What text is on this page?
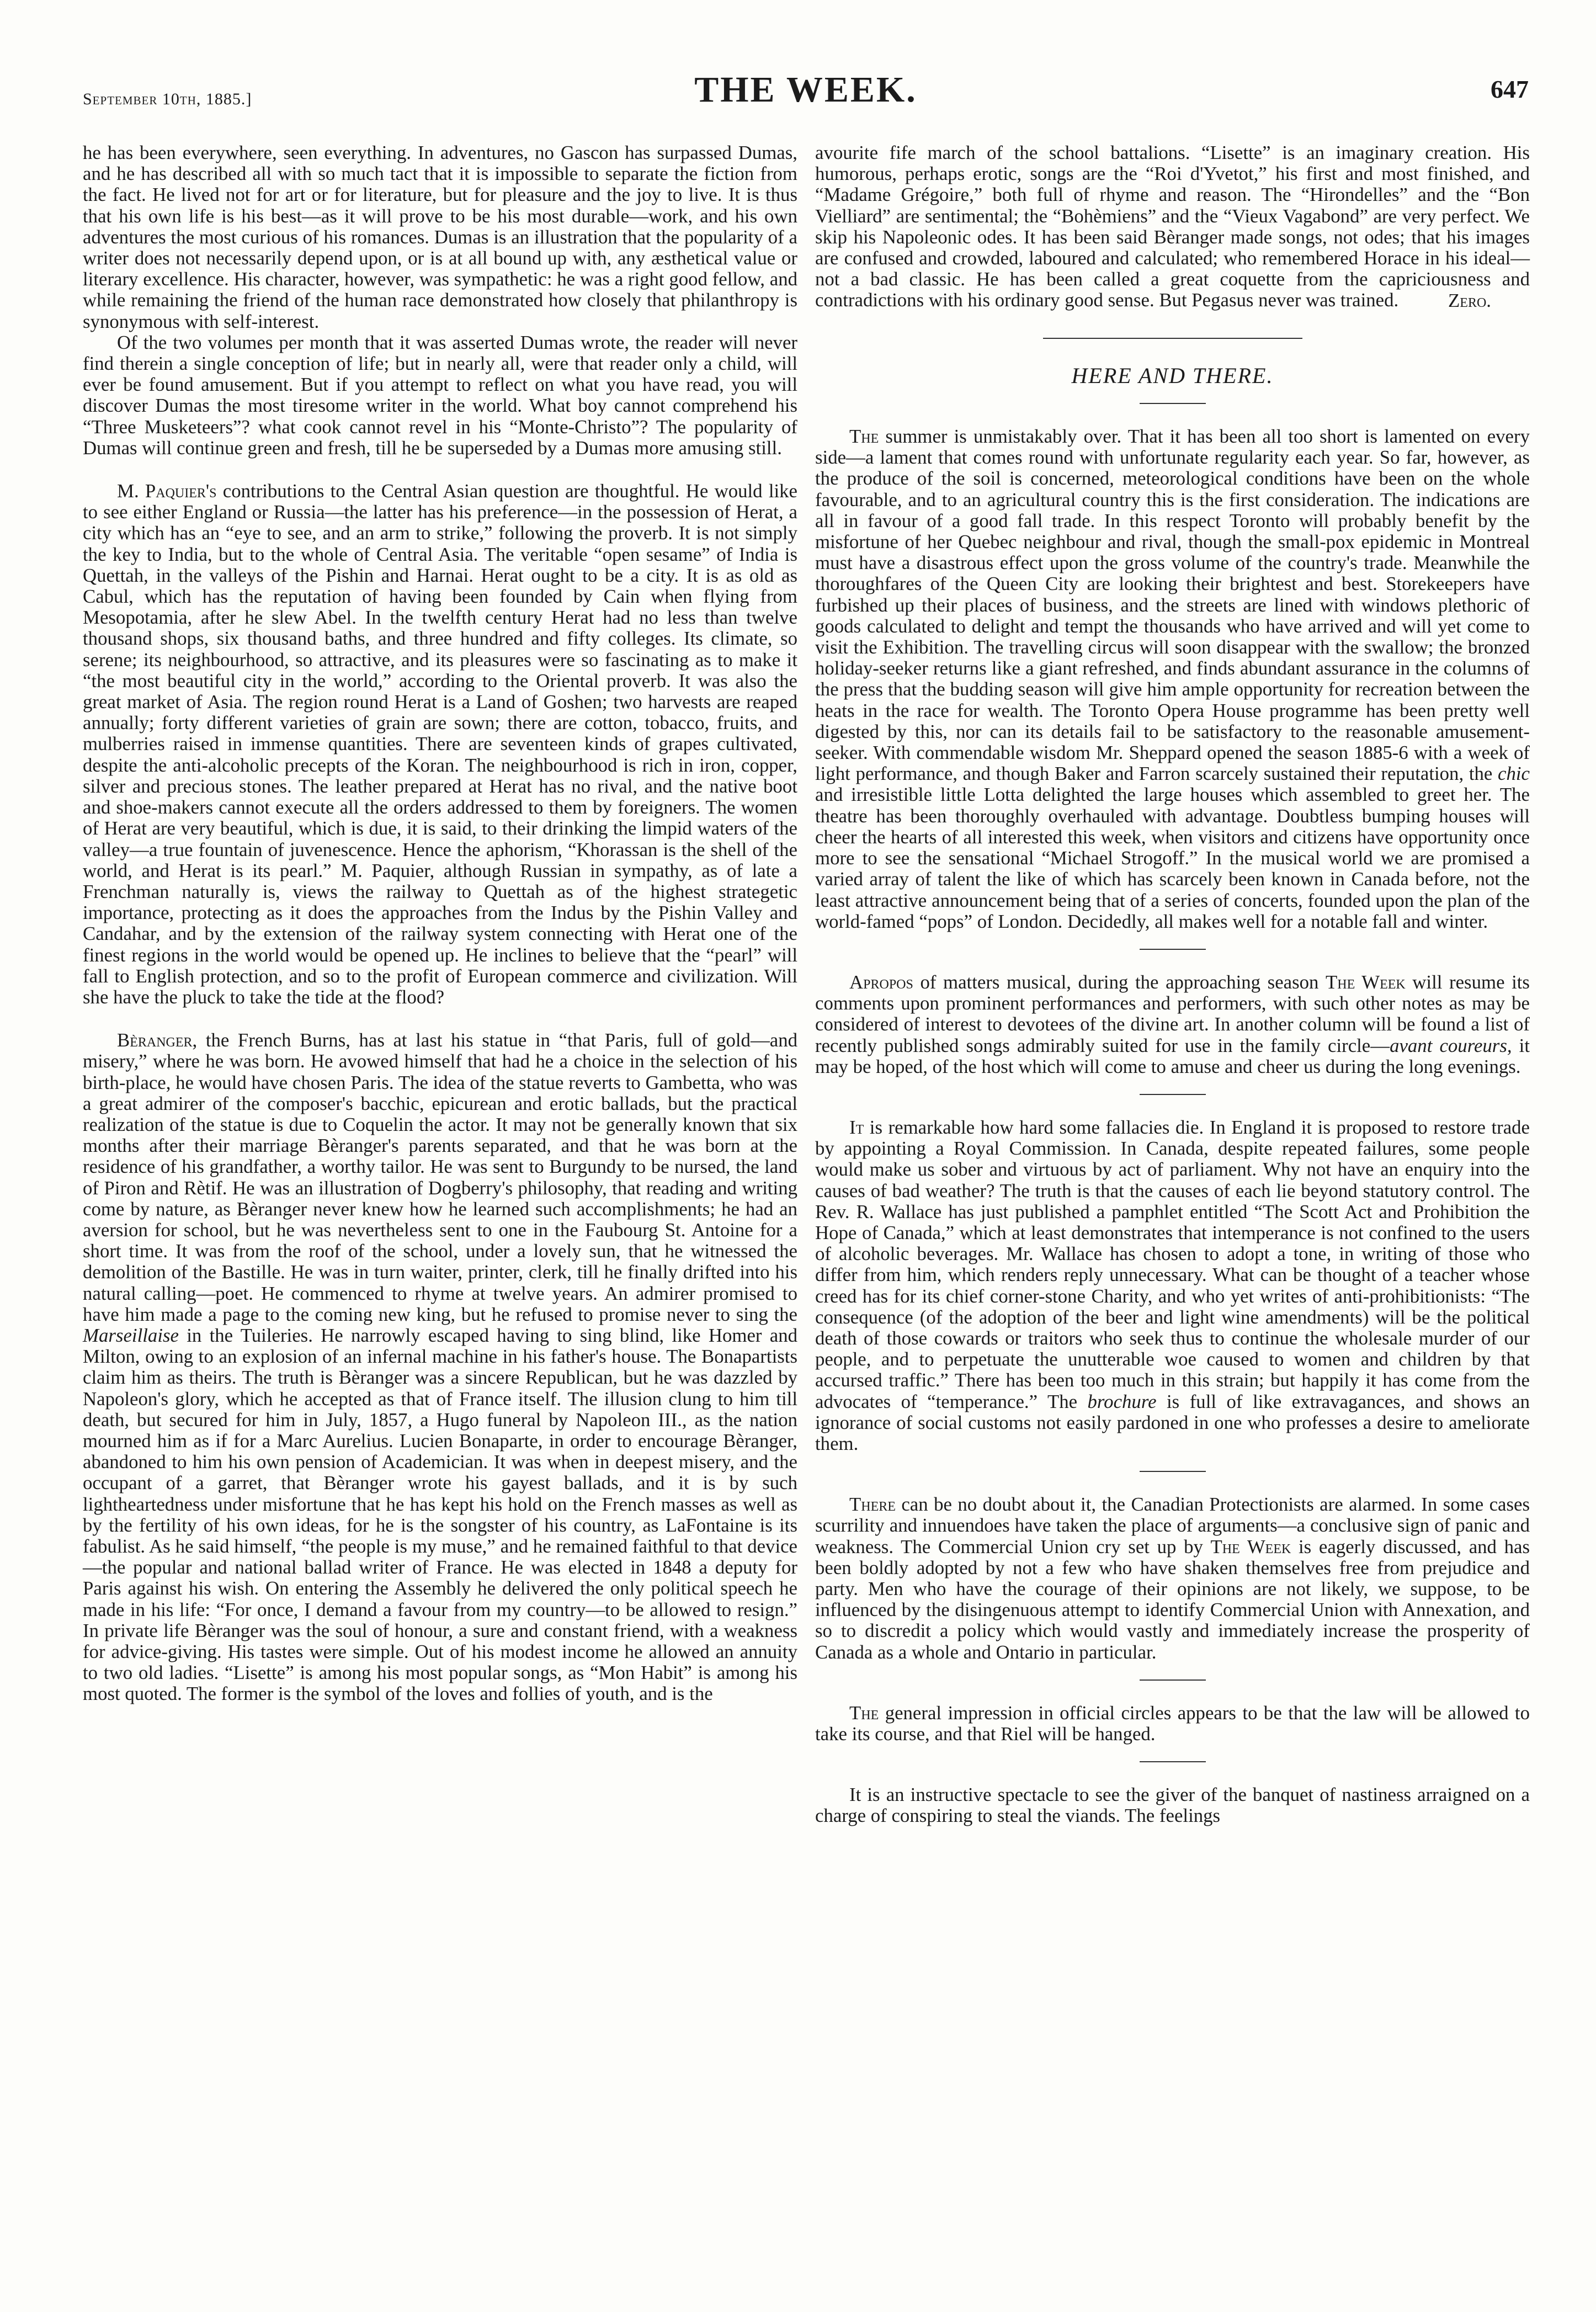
September 10th, 1885.]	THE WEEK.	647

he has been everywhere, seen everything. In adventures, no Gascon has surpassed Dumas, and he has described all with so much tact that it is impossible to separate the fiction from the fact. He lived not for art or for literature, but for pleasure and the joy to live. It is thus that his own life is his best—as it will prove to be his most durable—work, and his own adventures the most curious of his romances. Dumas is an illustration that the popularity of a writer does not necessarily depend upon, or is at all bound up with, any æsthetical value or literary excellence. His character, however, was sympathetic: he was a right good fellow, and while remaining the friend of the human race demonstrated how closely that philanthropy is synonymous with self-interest.

Of the two volumes per month that it was asserted Dumas wrote, the reader will never find therein a single conception of life; but in nearly all, were that reader only a child, will ever be found amusement. But if you attempt to reflect on what you have read, you will discover Dumas the most tiresome writer in the world. What boy cannot comprehend his “Three Musketeers”? what cook cannot revel in his “Monte-Christo”? The popularity of Dumas will continue green and fresh, till he be superseded by a Dumas more amusing still.

M. Paquier's contributions to the Central Asian question are thoughtful. He would like to see either England or Russia—the latter has his preference—in the possession of Herat, a city which has an “eye to see, and an arm to strike,” following the proverb. It is not simply the key to India, but to the whole of Central Asia. The veritable “open sesame” of India is Quettah, in the valleys of the Pishin and Harnai. Herat ought to be a city. It is as old as Cabul, which has the reputation of having been founded by Cain when flying from Mesopotamia, after he slew Abel. In the twelfth century Herat had no less than twelve thousand shops, six thousand baths, and three hundred and fifty colleges. Its climate, so serene; its neighbourhood, so attractive, and its pleasures were so fascinating as to make it “the most beautiful city in the world,” according to the Oriental proverb. It was also the great market of Asia. The region round Herat is a Land of Goshen; two harvests are reaped annually; forty different varieties of grain are sown; there are cotton, tobacco, fruits, and mulberries raised in immense quantities. There are seventeen kinds of grapes cultivated, despite the anti-alcoholic precepts of the Koran. The neighbourhood is rich in iron, copper, silver and precious stones. The leather prepared at Herat has no rival, and the native boot and shoe-makers cannot execute all the orders addressed to them by foreigners. The women of Herat are very beautiful, which is due, it is said, to their drinking the limpid waters of the valley—a true fountain of juvenescence. Hence the aphorism, “Khorassan is the shell of the world, and Herat is its pearl.” M. Paquier, although Russian in sympathy, as of late a Frenchman naturally is, views the railway to Quettah as of the highest strategetic importance, protecting as it does the approaches from the Indus by the Pishin Valley and Candahar, and by the extension of the railway system connecting with Herat one of the finest regions in the world would be opened up. He inclines to believe that the “pearl” will fall to English protection, and so to the profit of European commerce and civilization. Will she have the pluck to take the tide at the flood?

Bèranger, the French Burns, has at last his statue in “that Paris, full of gold—and misery,” where he was born. He avowed himself that had he a choice in the selection of his birth-place, he would have chosen Paris. The idea of the statue reverts to Gambetta, who was a great admirer of the composer's bacchic, epicurean and erotic ballads, but the practical realization of the statue is due to Coquelin the actor. It may not be generally known that six months after their marriage Bèranger's parents separated, and that he was born at the residence of his grandfather, a worthy tailor. He was sent to Burgundy to be nursed, the land of Piron and Rètif. He was an illustration of Dogberry's philosophy, that reading and writing come by nature, as Bèranger never knew how he learned such accomplishments; he had an aversion for school, but he was nevertheless sent to one in the Faubourg St. Antoine for a short time. It was from the roof of the school, under a lovely sun, that he witnessed the demolition of the Bastille. He was in turn waiter, printer, clerk, till he finally drifted into his natural calling—poet. He commenced to rhyme at twelve years. An admirer promised to have him made a page to the coming new king, but he refused to promise never to sing the Marseillaise in the Tuileries. He narrowly escaped having to sing blind, like Homer and Milton, owing to an explosion of an infernal machine in his father's house. The Bonapartists claim him as theirs. The truth is Bèranger was a sincere Republican, but he was dazzled by Napoleon's glory, which he accepted as that of France itself. The illusion clung to him till death, but secured for him in July, 1857, a Hugo funeral by Napoleon III., as the nation mourned him as if for a Marc Aurelius. Lucien Bonaparte, in order to encourage Bèranger, abandoned to him his own pension of Academician. It was when in deepest misery, and the occupant of a garret, that Bèranger wrote his gayest ballads, and it is by such lightheartedness under misfortune that he has kept his hold on the French masses as well as by the fertility of his own ideas, for he is the songster of his country, as LaFontaine is its fabulist. As he said himself, “the people is my muse,” and he remained faithful to that device—the popular and national ballad writer of France. He was elected in 1848 a deputy for Paris against his wish. On entering the Assembly he delivered the only political speech he made in his life: “For once, I demand a favour from my country—to be allowed to resign.” In private life Bèranger was the soul of honour, a sure and constant friend, with a weakness for advice-giving. His tastes were simple. Out of his modest income he allowed an annuity to two old ladies. “Lisette” is among his most popular songs, as “Mon Habit” is among his most quoted. The former is the symbol of the loves and follies of youth, and is the

avourite fife march of the school battalions. “Lisette” is an imaginary creation. His humorous, perhaps erotic, songs are the “Roi d'Yvetot,” his first and most finished, and “Madame Grégoire,” both full of rhyme and reason. The “Hirondelles” and the “Bon Vielliard” are sentimental; the “Bohèmiens” and the “Vieux Vagabond” are very perfect. We skip his Napoleonic odes. It has been said Bèranger made songs, not odes; that his images are confused and crowded, laboured and calculated; who remembered Horace in his ideal—not a bad classic. He has been called a great coquette from the capriciousness and contradictions with his ordinary good sense. But Pegasus never was trained.	Zero.
HERE AND THERE.

The summer is unmistakably over. That it has been all too short is lamented on every side—a lament that comes round with unfortunate regularity each year. So far, however, as the produce of the soil is concerned, meteorological conditions have been on the whole favourable, and to an agricultural country this is the first consideration. The indications are all in favour of a good fall trade. In this respect Toronto will probably benefit by the misfortune of her Quebec neighbour and rival, though the small-pox epidemic in Montreal must have a disastrous effect upon the gross volume of the country's trade. Meanwhile the thoroughfares of the Queen City are looking their brightest and best. Storekeepers have furbished up their places of business, and the streets are lined with windows plethoric of goods calculated to delight and tempt the thousands who have arrived and will yet come to visit the Exhibition. The travelling circus will soon disappear with the swallow; the bronzed holiday-seeker returns like a giant refreshed, and finds abundant assurance in the columns of the press that the budding season will give him ample opportunity for recreation between the heats in the race for wealth. The Toronto Opera House programme has been pretty well digested by this, nor can its details fail to be satisfactory to the reasonable amusement-seeker. With commendable wisdom Mr. Sheppard opened the season 1885-6 with a week of light performance, and though Baker and Farron scarcely sustained their reputation, the chic and irresistible little Lotta delighted the large houses which assembled to greet her. The theatre has been thoroughly overhauled with advantage. Doubtless bumping houses will cheer the hearts of all interested this week, when visitors and citizens have opportunity once more to see the sensational “Michael Strogoff.” In the musical world we are promised a varied array of talent the like of which has scarcely been known in Canada before, not the least attractive announcement being that of a series of concerts, founded upon the plan of the world-famed “pops” of London. Decidedly, all makes well for a notable fall and winter.

Apropos of matters musical, during the approaching season The Week will resume its comments upon prominent performances and performers, with such other notes as may be considered of interest to devotees of the divine art. In another column will be found a list of recently published songs admirably suited for use in the family circle—avant coureurs, it may be hoped, of the host which will come to amuse and cheer us during the long evenings.

It is remarkable how hard some fallacies die. In England it is proposed to restore trade by appointing a Royal Commission. In Canada, despite repeated failures, some people would make us sober and virtuous by act of parliament. Why not have an enquiry into the causes of bad weather? The truth is that the causes of each lie beyond statutory control. The Rev. R. Wallace has just published a pamphlet entitled “The Scott Act and Prohibition the Hope of Canada,” which at least demonstrates that intemperance is not confined to the users of alcoholic beverages. Mr. Wallace has chosen to adopt a tone, in writing of those who differ from him, which renders reply unnecessary. What can be thought of a teacher whose creed has for its chief corner-stone Charity, and who yet writes of anti-prohibitionists: “The consequence (of the adoption of the beer and light wine amendments) will be the political death of those cowards or traitors who seek thus to continue the wholesale murder of our people, and to perpetuate the unutterable woe caused to women and children by that accursed traffic.” There has been too much in this strain; but happily it has come from the advocates of “temperance.” The brochure is full of like extravagances, and shows an ignorance of social customs not easily pardoned in one who professes a desire to ameliorate them.

There can be no doubt about it, the Canadian Protectionists are alarmed. In some cases scurrility and innuendoes have taken the place of arguments—a conclusive sign of panic and weakness. The Commercial Union cry set up by The Week is eagerly discussed, and has been boldly adopted by not a few who have shaken themselves free from prejudice and party. Men who have the courage of their opinions are not likely, we suppose, to be influenced by the disingenuous attempt to identify Commercial Union with Annexation, and so to discredit a policy which would vastly and immediately increase the prosperity of Canada as a whole and Ontario in particular.

The general impression in official circles appears to be that the law will be allowed to take its course, and that Riel will be hanged.

It is an instructive spectacle to see the giver of the banquet of nastiness arraigned on a charge of conspiring to steal the viands. The feelings
